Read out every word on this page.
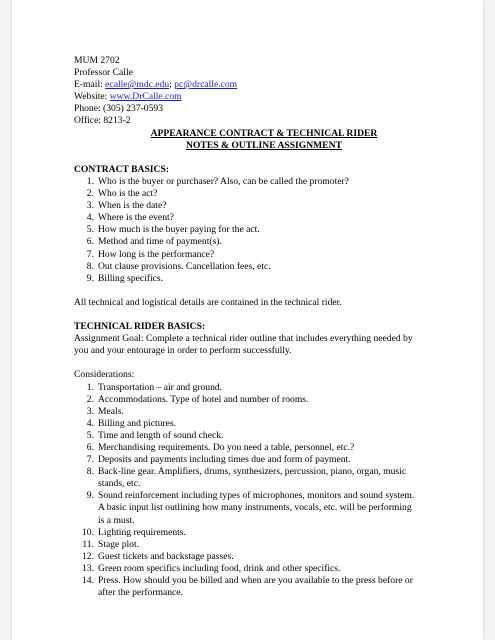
MUM 2702
Professor Calle
E-mail: ecalle@mdc.edu; pc@drcalle.com
Website: www.DrCalle.com
Phone: (305) 237-0593
Office: 8213-2
APPEARANCE CONTRACT & TECHNICAL RIDER
NOTES & OUTLINE ASSIGNMENT
CONTRACT BASICS:
1. Who is the buyer or purchaser? Also, can be called the promoter?
2. Who is the act?
3. When is the date?
4. Where is the event?
5. How much is the buyer paying for the act.
6. Method and time of payment(s).
7. How long is the performance?
8. Out clause provisions. Cancellation fees, etc.
9. Billing specifics.
All technical and logistical details are contained in the technical rider.
TECHNICAL RIDER BASICS:
Assignment Goal: Complete a technical rider outline that includes everything needed by
you and your entourage in order to perform successfully.
Considerations:
1. Transportation – air and ground.
2. Accommodations. Type of hotel and number of rooms.
3. Meals.
4. Billing and pictures.
5. Time and length of sound check.
6. Merchandising requirements. Do you need a table, personnel, etc.?
7. Deposits and payments including times due and form of payment.
8. Back-line gear. Amplifiers, drums, synthesizers, percussion, piano, organ, music
stands, etc.
9. Sound reinforcement including types of microphones, monitors and sound system.
A basic input list outlining how many instruments, vocals, etc. will be performing
is a must.
10. Lighting requirements.
11. Stage plot.
12. Guest tickets and backstage passes.
13. Green room specifics including food, drink and other specifics.
14. Press. How should you be billed and when are you available to the press before or
after the performance.
